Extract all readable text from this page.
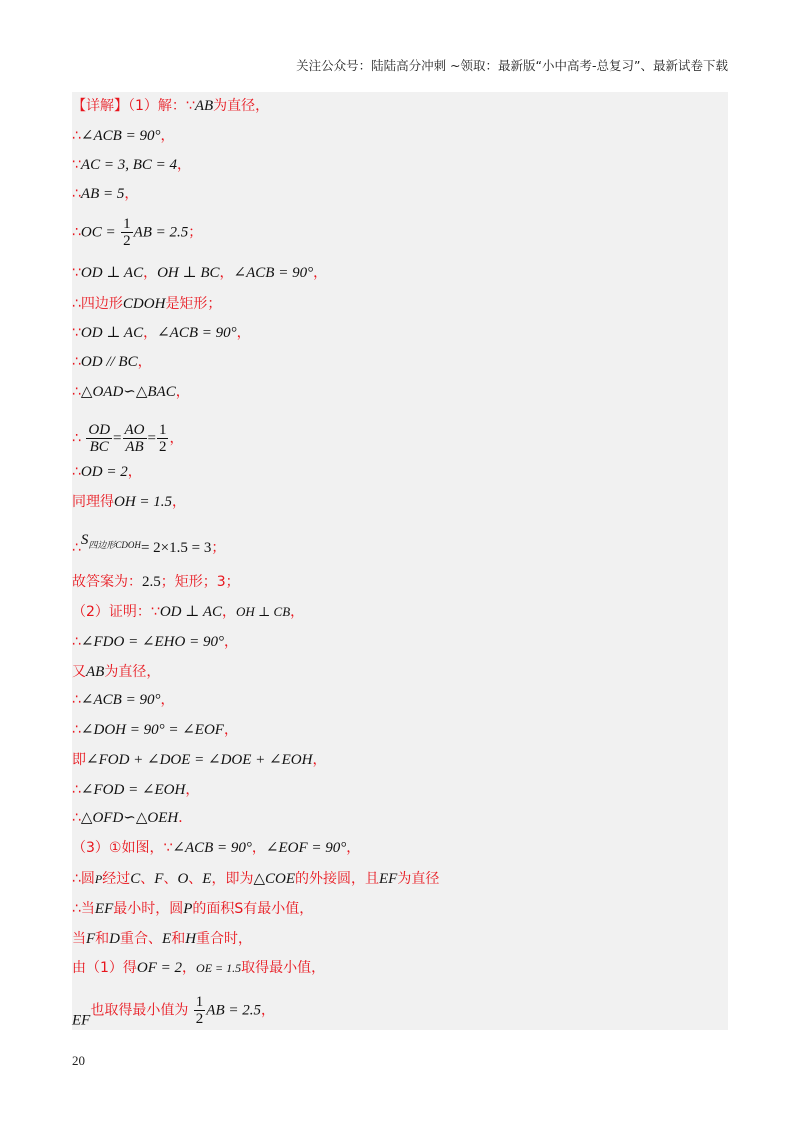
关注公众号：陆陆高分冲刺 ~领取：最新版“小中高考-总复习”、最新试卷下载
【详解】（1）解：∵AB为直径，
∴∠ACB = 90°，
∵AC = 3, BC = 4，
∴AB = 5，
∴OC = $\frac{1}{2}$ AB = 2.5；
∵OD ⊥ AC，OH ⊥ BC，∠ACB = 90°，
∴四边形CDOH是矩形；
∵OD ⊥ AC，∠ACB = 90°，
∴OD // BC，
∴△OAD∽△BAC，
∴ $\frac{OD}{BC} = \frac{AO}{AB} = \frac{1}{2}$ ，
∴OD = 2，
同理得OH = 1.5，
$\therefore S^{四边形CDOH}= 2\times 1.5 = 3$；
故答案为：2.5；矩形；3；
（2）证明：∵OD ⊥ AC，OH ⊥ CB，
∴∠FDO = ∠EHO = 90°，
又AB为直径，
∴∠ACB = 90°，
∴∠DOH = 90° = ∠EOF，
即∠FOD + ∠DOE = ∠DOE + ∠EOH，
∴∠FOD = ∠EOH，
∴△OFD∽△OEH．
（3）①如图，∵∠ACB = 90°，∠EOF = 90°，
∴圆P经过C、F、O、E，即为△COE的外接圆，且EF为直径
∴当EF最小时，圆P的面积S有最小值，
当F和D重合、E和H重合时，
由（1）得OF = 2，OE = 1.5取得最小值，
EF也取得最小值为 $\frac{1}{2}$ AB = 2.5，
20
